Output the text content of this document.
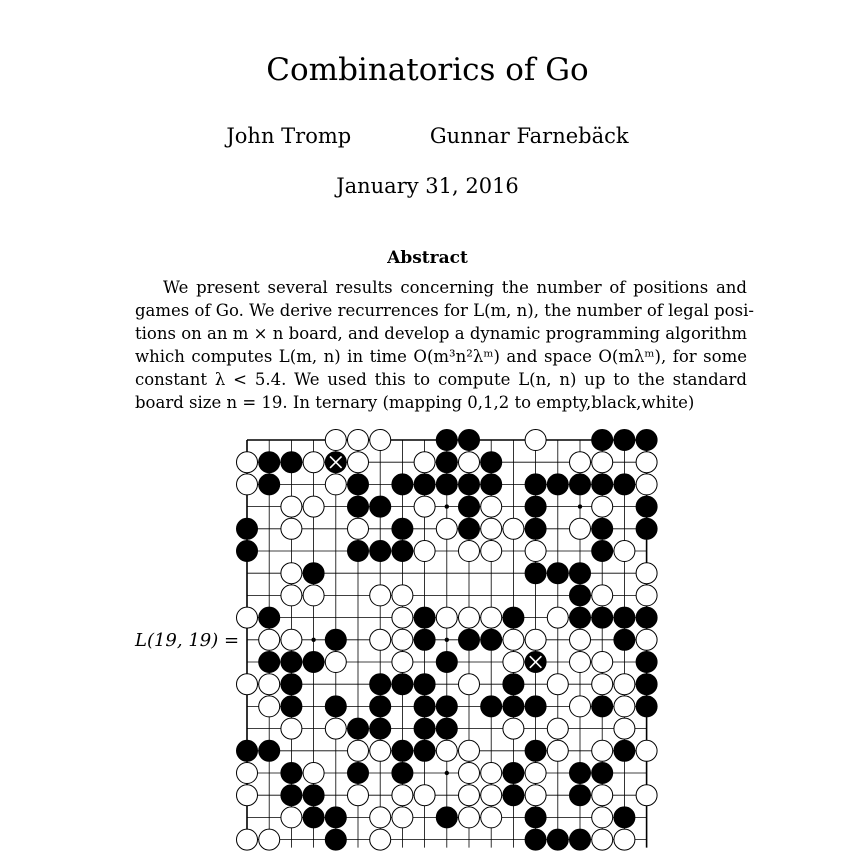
Combinatorics of Go
John Tromp	Gunnar Farnebäck
January 31, 2016
Abstract
We present several results concerning the number of positions and
games of Go. We derive recurrences for L(m, n), the number of legal posi-
tions on an m × n board, and develop a dynamic programming algorithm
which computes L(m, n) in time O(m³n²λᵐ) and space O(mλᵐ), for some
constant λ < 5.4. We used this to compute L(n, n) up to the standard
board size n = 19. In ternary (mapping 0,1,2 to empty,black,white)
L(19, 19) =
